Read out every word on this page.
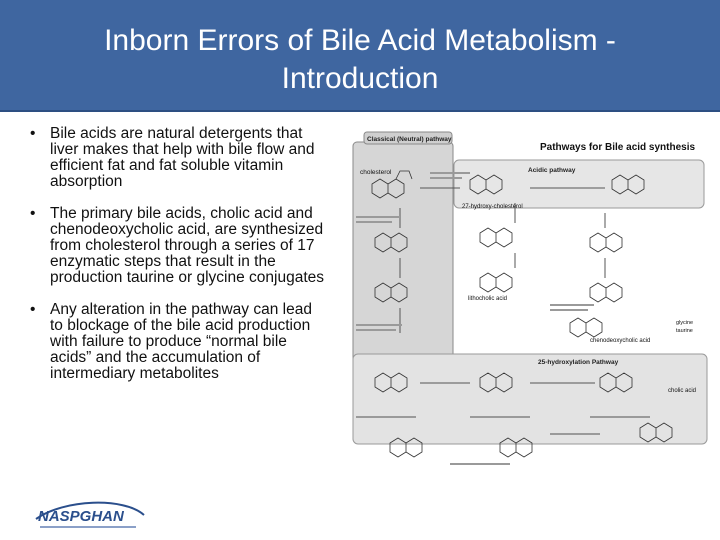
Inborn Errors of Bile Acid Metabolism - Introduction
• Bile acids are natural detergents that liver makes that help with bile flow and efficient fat and fat soluble vitamin absorption
• The primary bile acids, cholic acid and chenodeoxycholic acid, are synthesized from cholesterol through a series of 17 enzymatic steps that result in the production taurine or glycine conjugates
• Any alteration in the pathway can lead to blockage of the bile acid production with failure to produce “normal bile acids” and the accumulation of intermediary metabolites
Classical (Neutral) pathway
Pathways for Bile acid synthesis
Acidic pathway
25-hydroxylation Pathway
cholesterol
27-hydroxy-cholesterol
lithocholic acid
chenodeoxycholic acid
cholic acid
glycine
taurine
NASPGHAN
